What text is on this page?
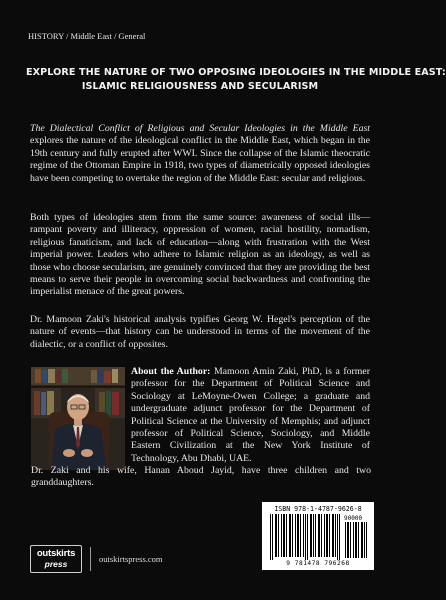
HISTORY / Middle East / General
EXPLORE THE NATURE OF TWO OPPOSING IDEOLOGIES IN THE MIDDLE EAST:
ISLAMIC RELIGIOUSNESS AND SECULARISM
The Dialectical Conflict of Religious and Secular Ideologies in the Middle East explores the nature of the ideological conflict in the Middle East, which began in the 19th century and fully erupted after WWI. Since the collapse of the Islamic theocratic regime of the Ottoman Empire in 1918, two types of diametrically opposed ideologies have been competing to overtake the region of the Middle East: secular and religious.
Both types of ideologies stem from the same source: awareness of social ills—rampant poverty and illiteracy, oppression of women, racial hostility, nomadism, religious fanaticism, and lack of education—along with frustration with the West imperial power. Leaders who adhere to Islamic religion as an ideology, as well as those who choose secularism, are genuinely convinced that they are providing the best means to serve their people in overcoming social backwardness and confronting the imperialist menace of the great powers.
Dr. Mamoon Zaki's historical analysis typifies Georg W. Hegel's perception of the nature of events—that history can be understood in terms of the movement of the dialectic, or a conflict of opposites.
About the Author: Mamoon Amin Zaki, PhD, is a former professor for the Department of Political Science and Sociology at LeMoyne-Owen College; a graduate and undergraduate adjunct professor for the Department of Political Science at the University of Memphis; and adjunct professor of Political Science, Sociology, and Middle Eastern Civilization at the New York Institute of Technology, Abu Dhabi, UAE.
Dr. Zaki and his wife, Hanan Aboud Jayid, have three children and two granddaughters.
ISBN 978-1-4787-9626-8
90000
9 781478 796268
outskirts
press	outskirtspress.com
